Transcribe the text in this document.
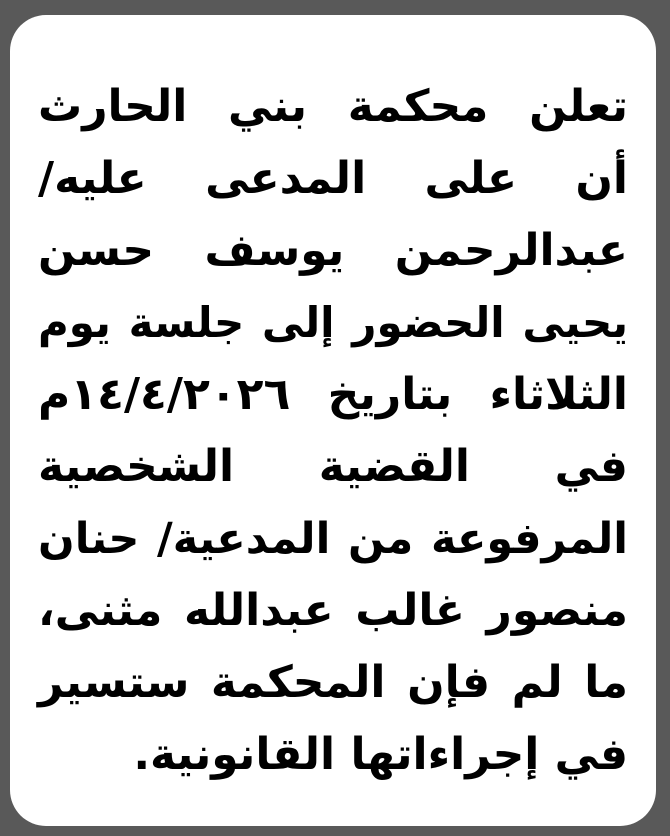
تعلن محكمة بني الحارث
أن على المدعى عليه/
عبدالرحمن يوسف حسن
يحيى الحضور إلى جلسة يوم
الثلاثاء بتاريخ ١٤/٤/٢٠٢٦م
في القضية الشخصية
المرفوعة من المدعية/ حنان
منصور غالب عبدالله مثنى،
ما لم فإن المحكمة ستسير
في إجراءاتها القانونية.
